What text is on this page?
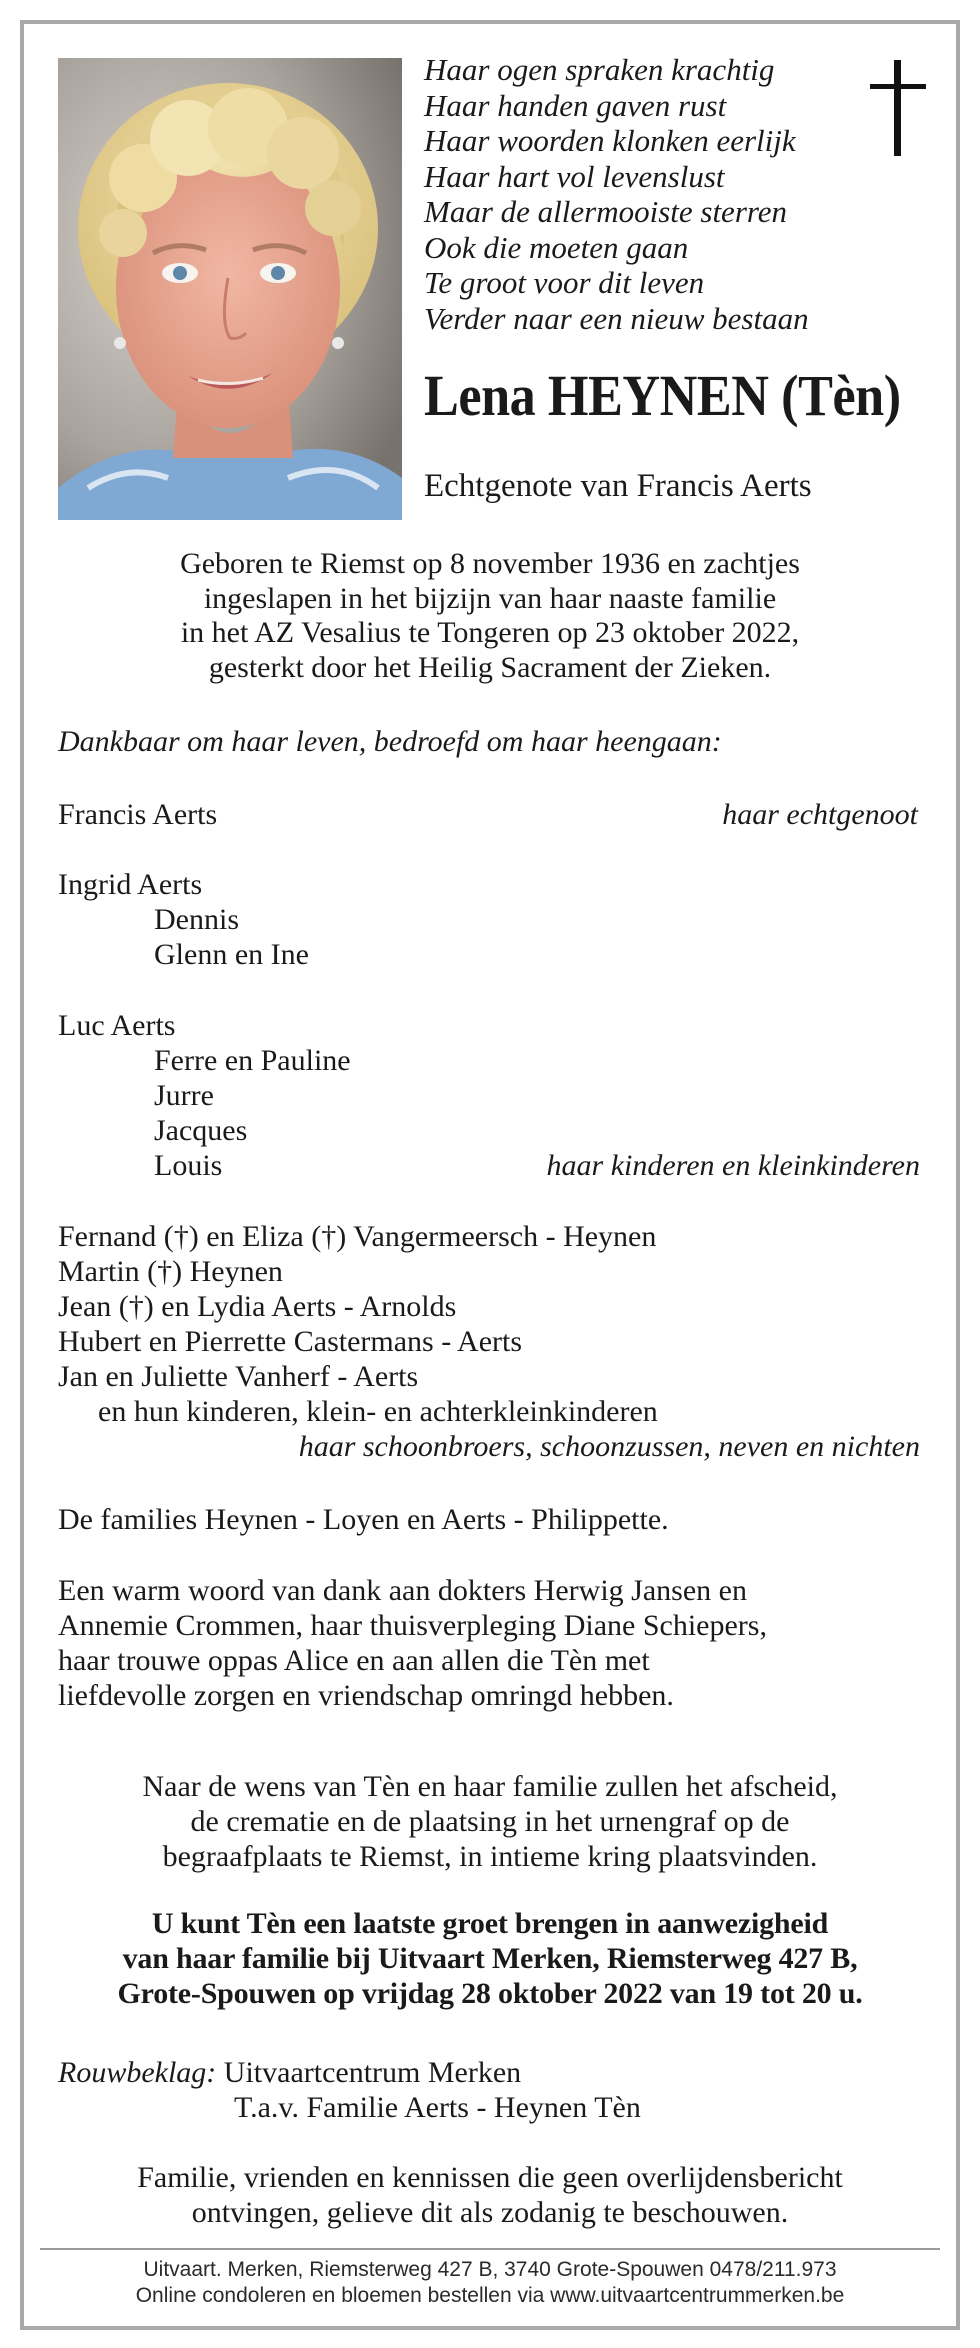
Haar ogen spraken krachtig
Haar handen gaven rust
Haar woorden klonken eerlijk
Haar hart vol levenslust
Maar de allermooiste sterren
Ook die moeten gaan
Te groot voor dit leven
Verder naar een nieuw bestaan
Lena HEYNEN (Tèn)
Echtgenote van Francis Aerts
Geboren te Riemst op 8 november 1936 en zachtjes
ingeslapen in het bijzijn van haar naaste familie
in het AZ Vesalius te Tongeren op 23 oktober 2022,
gesterkt door het Heilig Sacrament der Zieken.
Dankbaar om haar leven, bedroefd om haar heengaan:
Francis Aerts	haar echtgenoot
Ingrid Aerts
Dennis
Glenn en Ine
Luc Aerts
Ferre en Pauline
Jurre
Jacques
Louis	haar kinderen en kleinkinderen
Fernand (†) en Eliza (†) Vangermeersch - Heynen
Martin (†) Heynen
Jean (†) en Lydia Aerts - Arnolds
Hubert en Pierrette Castermans - Aerts
Jan en Juliette Vanherf - Aerts
en hun kinderen, klein- en achterkleinkinderen
haar schoonbroers, schoonzussen, neven en nichten
De families Heynen - Loyen en Aerts - Philippette.
Een warm woord van dank aan dokters Herwig Jansen en
Annemie Crommen, haar thuisverpleging Diane Schiepers,
haar trouwe oppas Alice en aan allen die Tèn met
liefdevolle zorgen en vriendschap omringd hebben.
Naar de wens van Tèn en haar familie zullen het afscheid,
de crematie en de plaatsing in het urnengraf op de
begraafplaats te Riemst, in intieme kring plaatsvinden.
U kunt Tèn een laatste groet brengen in aanwezigheid
van haar familie bij Uitvaart Merken, Riemsterweg 427 B,
Grote-Spouwen op vrijdag 28 oktober 2022 van 19 tot 20 u.
Rouwbeklag: Uitvaartcentrum Merken
T.a.v. Familie Aerts - Heynen Tèn
Familie, vrienden en kennissen die geen overlijdensbericht
ontvingen, gelieve dit als zodanig te beschouwen.
Uitvaart. Merken, Riemsterweg 427 B, 3740 Grote-Spouwen 0478/211.973
Online condoleren en bloemen bestellen via www.uitvaartcentrummerken.be
